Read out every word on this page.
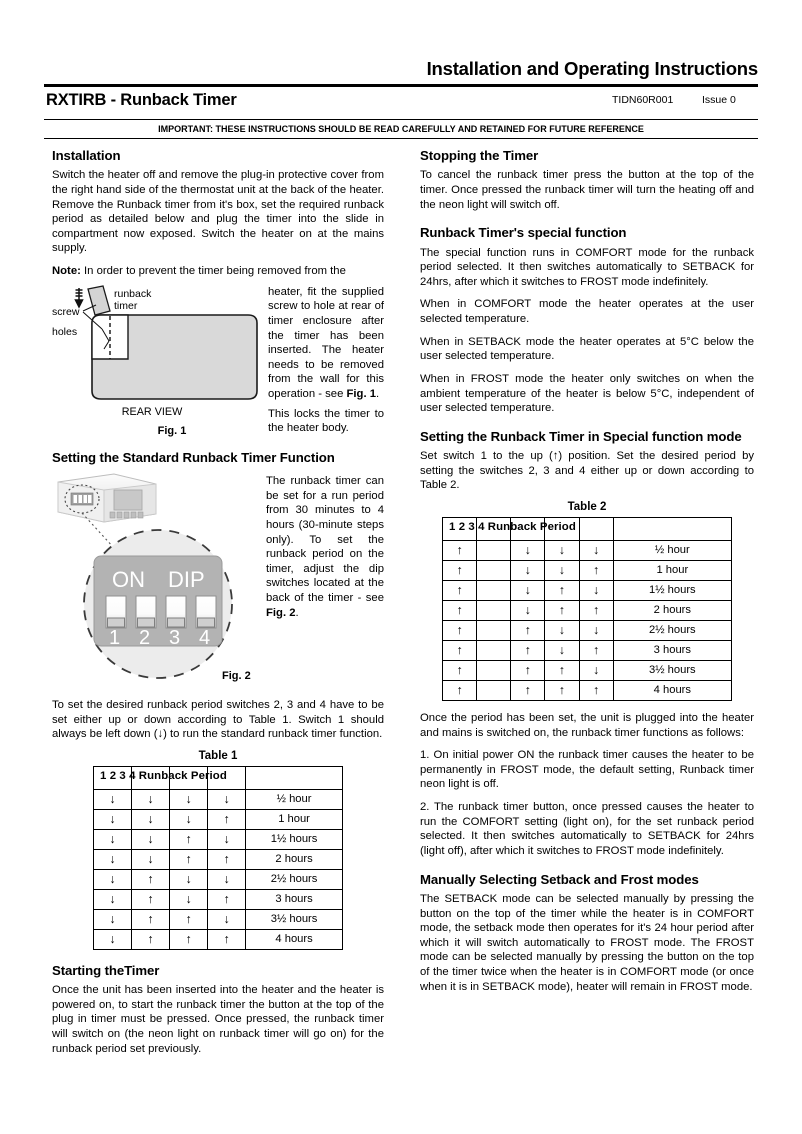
Installation and Operating Instructions
RXTIRB - Runback Timer	TIDN60R001	Issue 0
IMPORTANT: THESE INSTRUCTIONS SHOULD BE READ CAREFULLY AND RETAINED FOR FUTURE REFERENCE
Installation

Switch the heater off and remove the plug-in protective cover from the right hand side of the thermostat unit at the back of the heater. Remove the Runback timer from it's box, set the required runback period as detailed below and plug the timer into the slide in compartment now exposed. Switch the heater on at the mains supply.

Note: In order to prevent the timer being removed from the

heater, fit the supplied screw to hole at rear of timer enclosure after the timer has been inserted. The heater needs to be removed from the wall for this operation - see Fig. 1.
This locks the timer to the heater body.
runback
timer
screw
holes
REAR VIEW
Fig. 1
Setting the Standard Runback Timer Function
The runback timer can be set for a run period from 30 minutes to 4 hours (30-minute steps only). To set the runback period on the timer, adjust the dip switches located at the back of the timer - see Fig. 2.
ON DIP
1 2 3 4
Fig. 2

To set the desired runback period switches 2, 3 and 4 have to be set either up or down according to Table 1. Switch 1 should always be left down (↓) to run the standard runback timer function.

Table 1
1 2 3 4 Runback Period				

↓	↓	↓	↓	½ hour
↓	↓	↓	↑	1 hour
↓	↓	↑	↓	1½ hours
↓	↓	↑	↑	2 hours
↓	↑	↓	↓	2½ hours
↓	↑	↓	↑	3 hours
↓	↑	↑	↓	3½ hours
↓	↑	↑	↑	4 hours
Starting theTimer

Once the unit has been inserted into the heater and the heater is powered on, to start the runback timer the button at the top of the plug in timer must be pressed. Once pressed, the runback timer will switch on (the neon light on runback timer will go on) for the runback period set previously.

Stopping the Timer

To cancel the runback timer press the button at the top of the timer. Once pressed the runback timer will turn the heating off and the neon light will switch off.

Runback Timer's special function

The special function runs in COMFORT mode for the runback period selected. It then switches automatically to SETBACK for 24hrs, after which it switches to FROST mode indefinitely.

When in COMFORT mode the heater operates at the user selected temperature.

When in SETBACK mode the heater operates at 5°C below the user selected temperature.

When in FROST mode the heater only switches on when the ambient temperature of the heater is below 5°C, independent of user selected temperature.

Setting the Runback Timer in Special function mode

Set switch 1 to the up (↑) position. Set the desired period by setting the switches 2, 3 and 4 either up or down according to Table 2.

Table 2
1 2 3 4 Runback Period					

↑		↓	↓	↓	½ hour
↑		↓	↓	↑	1 hour
↑		↓	↑	↓	1½ hours
↑		↓	↑	↑	2 hours
↑		↑	↓	↓	2½ hours
↑		↑	↓	↑	3 hours
↑		↑	↑	↓	3½ hours
↑		↑	↑	↑	4 hours

Once the period has been set, the unit is plugged into the heater and mains is switched on, the runback timer functions as follows:

1. On initial power ON the runback timer causes the heater to be permanently in FROST mode, the default setting, Runback timer neon light is off.

2. The runback timer button, once pressed causes the heater to run the COMFORT setting (light on), for the set runback period selected. It then switches automatically to SETBACK for 24hrs (light off), after which it switches to FROST mode indefinitely.

Manually Selecting Setback and Frost modes

The SETBACK mode can be selected manually by pressing the button on the top of the timer while the heater is in COMFORT mode, the setback mode then operates for it's 24 hour period after which it will switch automatically to FROST mode. The FROST mode can be selected manually by pressing the button on the top of the timer twice when the heater is in COMFORT mode (or once when it is in SETBACK mode), heater will remain in FROST mode.
